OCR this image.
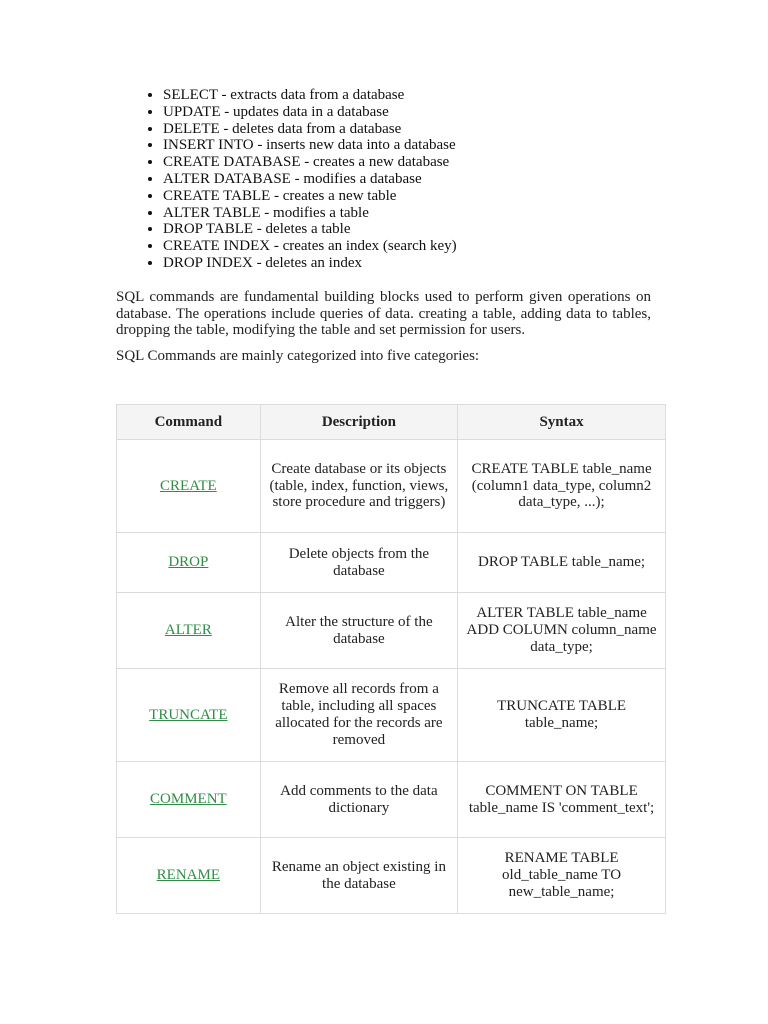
• SELECT - extracts data from a database
• UPDATE - updates data in a database
• DELETE - deletes data from a database
• INSERT INTO - inserts new data into a database
• CREATE DATABASE - creates a new database
• ALTER DATABASE - modifies a database
• CREATE TABLE - creates a new table
• ALTER TABLE - modifies a table
• DROP TABLE - deletes a table
• CREATE INDEX - creates an index (search key)
• DROP INDEX - deletes an index

SQL commands are fundamental building blocks used to perform given operations on database. The operations include queries of data. creating a table, adding data to tables, dropping the table, modifying the table and set permission for users.

SQL Commands are mainly categorized into five categories:

Command	Description	Syntax
CREATE	Create database or its objects (table, index, function, views, store procedure and triggers)	CREATE TABLE table_name (column1 data_type, column2 data_type, ...);
DROP	Delete objects from the database	DROP TABLE table_name;
ALTER	Alter the structure of the database	ALTER TABLE table_name ADD COLUMN column_name data_type;
TRUNCATE	Remove all records from a table, including all spaces allocated for the records are removed	TRUNCATE TABLE table_name;
COMMENT	Add comments to the data dictionary	COMMENT ON TABLE table_name IS 'comment_text';
RENAME	Rename an object existing in the database	RENAME TABLE old_table_name TO new_table_name;
